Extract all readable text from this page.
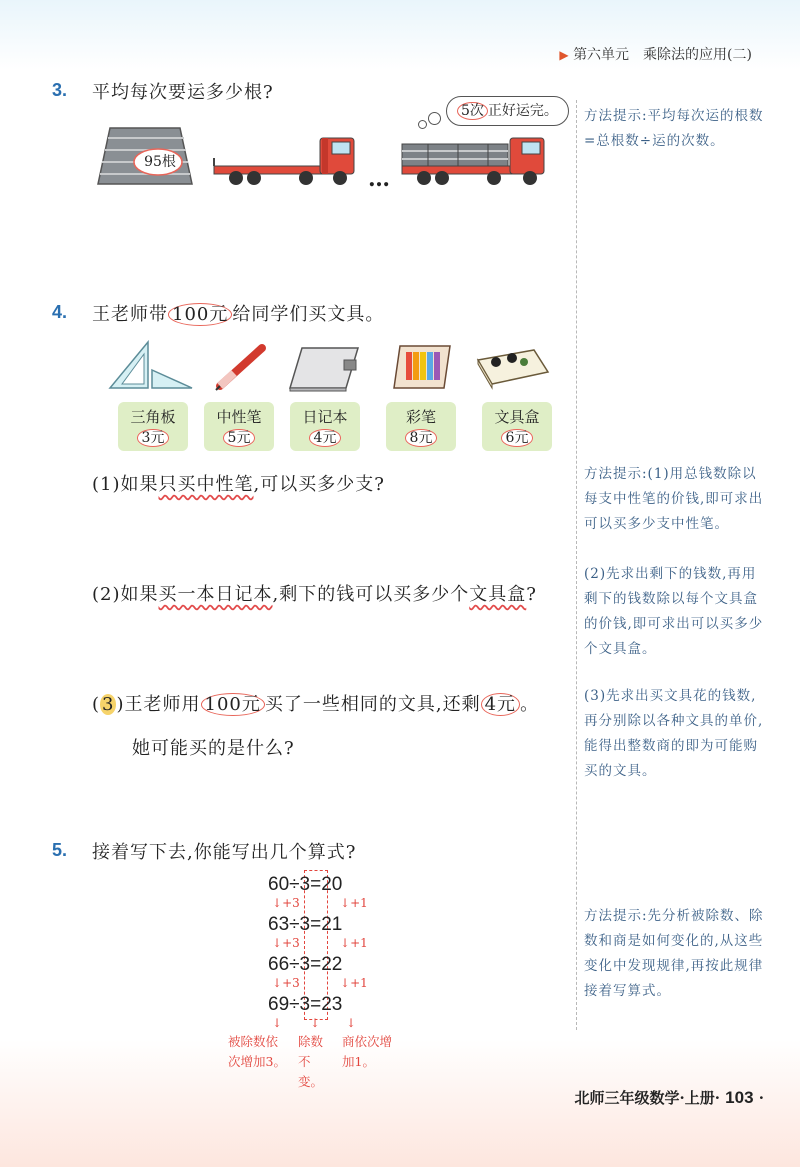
▶ 第六单元　乘除法的应用(二)
3. 平均每次要运多少根?
95根
…
5次 正好运完。	方法提示:平均每次运的根数=总根数÷运的次数。
4. 王老师带 100元 给同学们买文具。
三角板
3元
中性笔
5元
日记本
4元
彩笔
8元
文具盒
6元
(1)如果只买中性笔,可以买多少支?
(2)如果买一本日记本,剩下的钱可以买多少个文具盒?
( 3 )王老师用 100元 买了一些相同的文具,还剩 4元 。
她可能买的是什么?
方法提示:(1)用总钱数除以每支中性笔的价钱,即可求出可以买多少支中性笔。
(2)先求出剩下的钱数,再用剩下的钱数除以每个文具盒的价钱,即可求出可以买多少个文具盒。
(3)先求出买文具花的钱数,再分别除以各种文具的单价,能得出整数商的即为可能购买的文具。
5. 接着写下去,你能写出几个算式?
60÷3=20
63÷3=21
66÷3=22
69÷3=23
↓+3	↓+1
↓+3	↓+1
↓+3	↓+1
↓ ↓ ↓
被除数依次增加3。
除数不变。
商依次增加1。
方法提示:先分析被除数、除数和商是如何变化的,从这些变化中发现规律,再按此规律接着写算式。
北师三年级数学·上册· 103 ·
